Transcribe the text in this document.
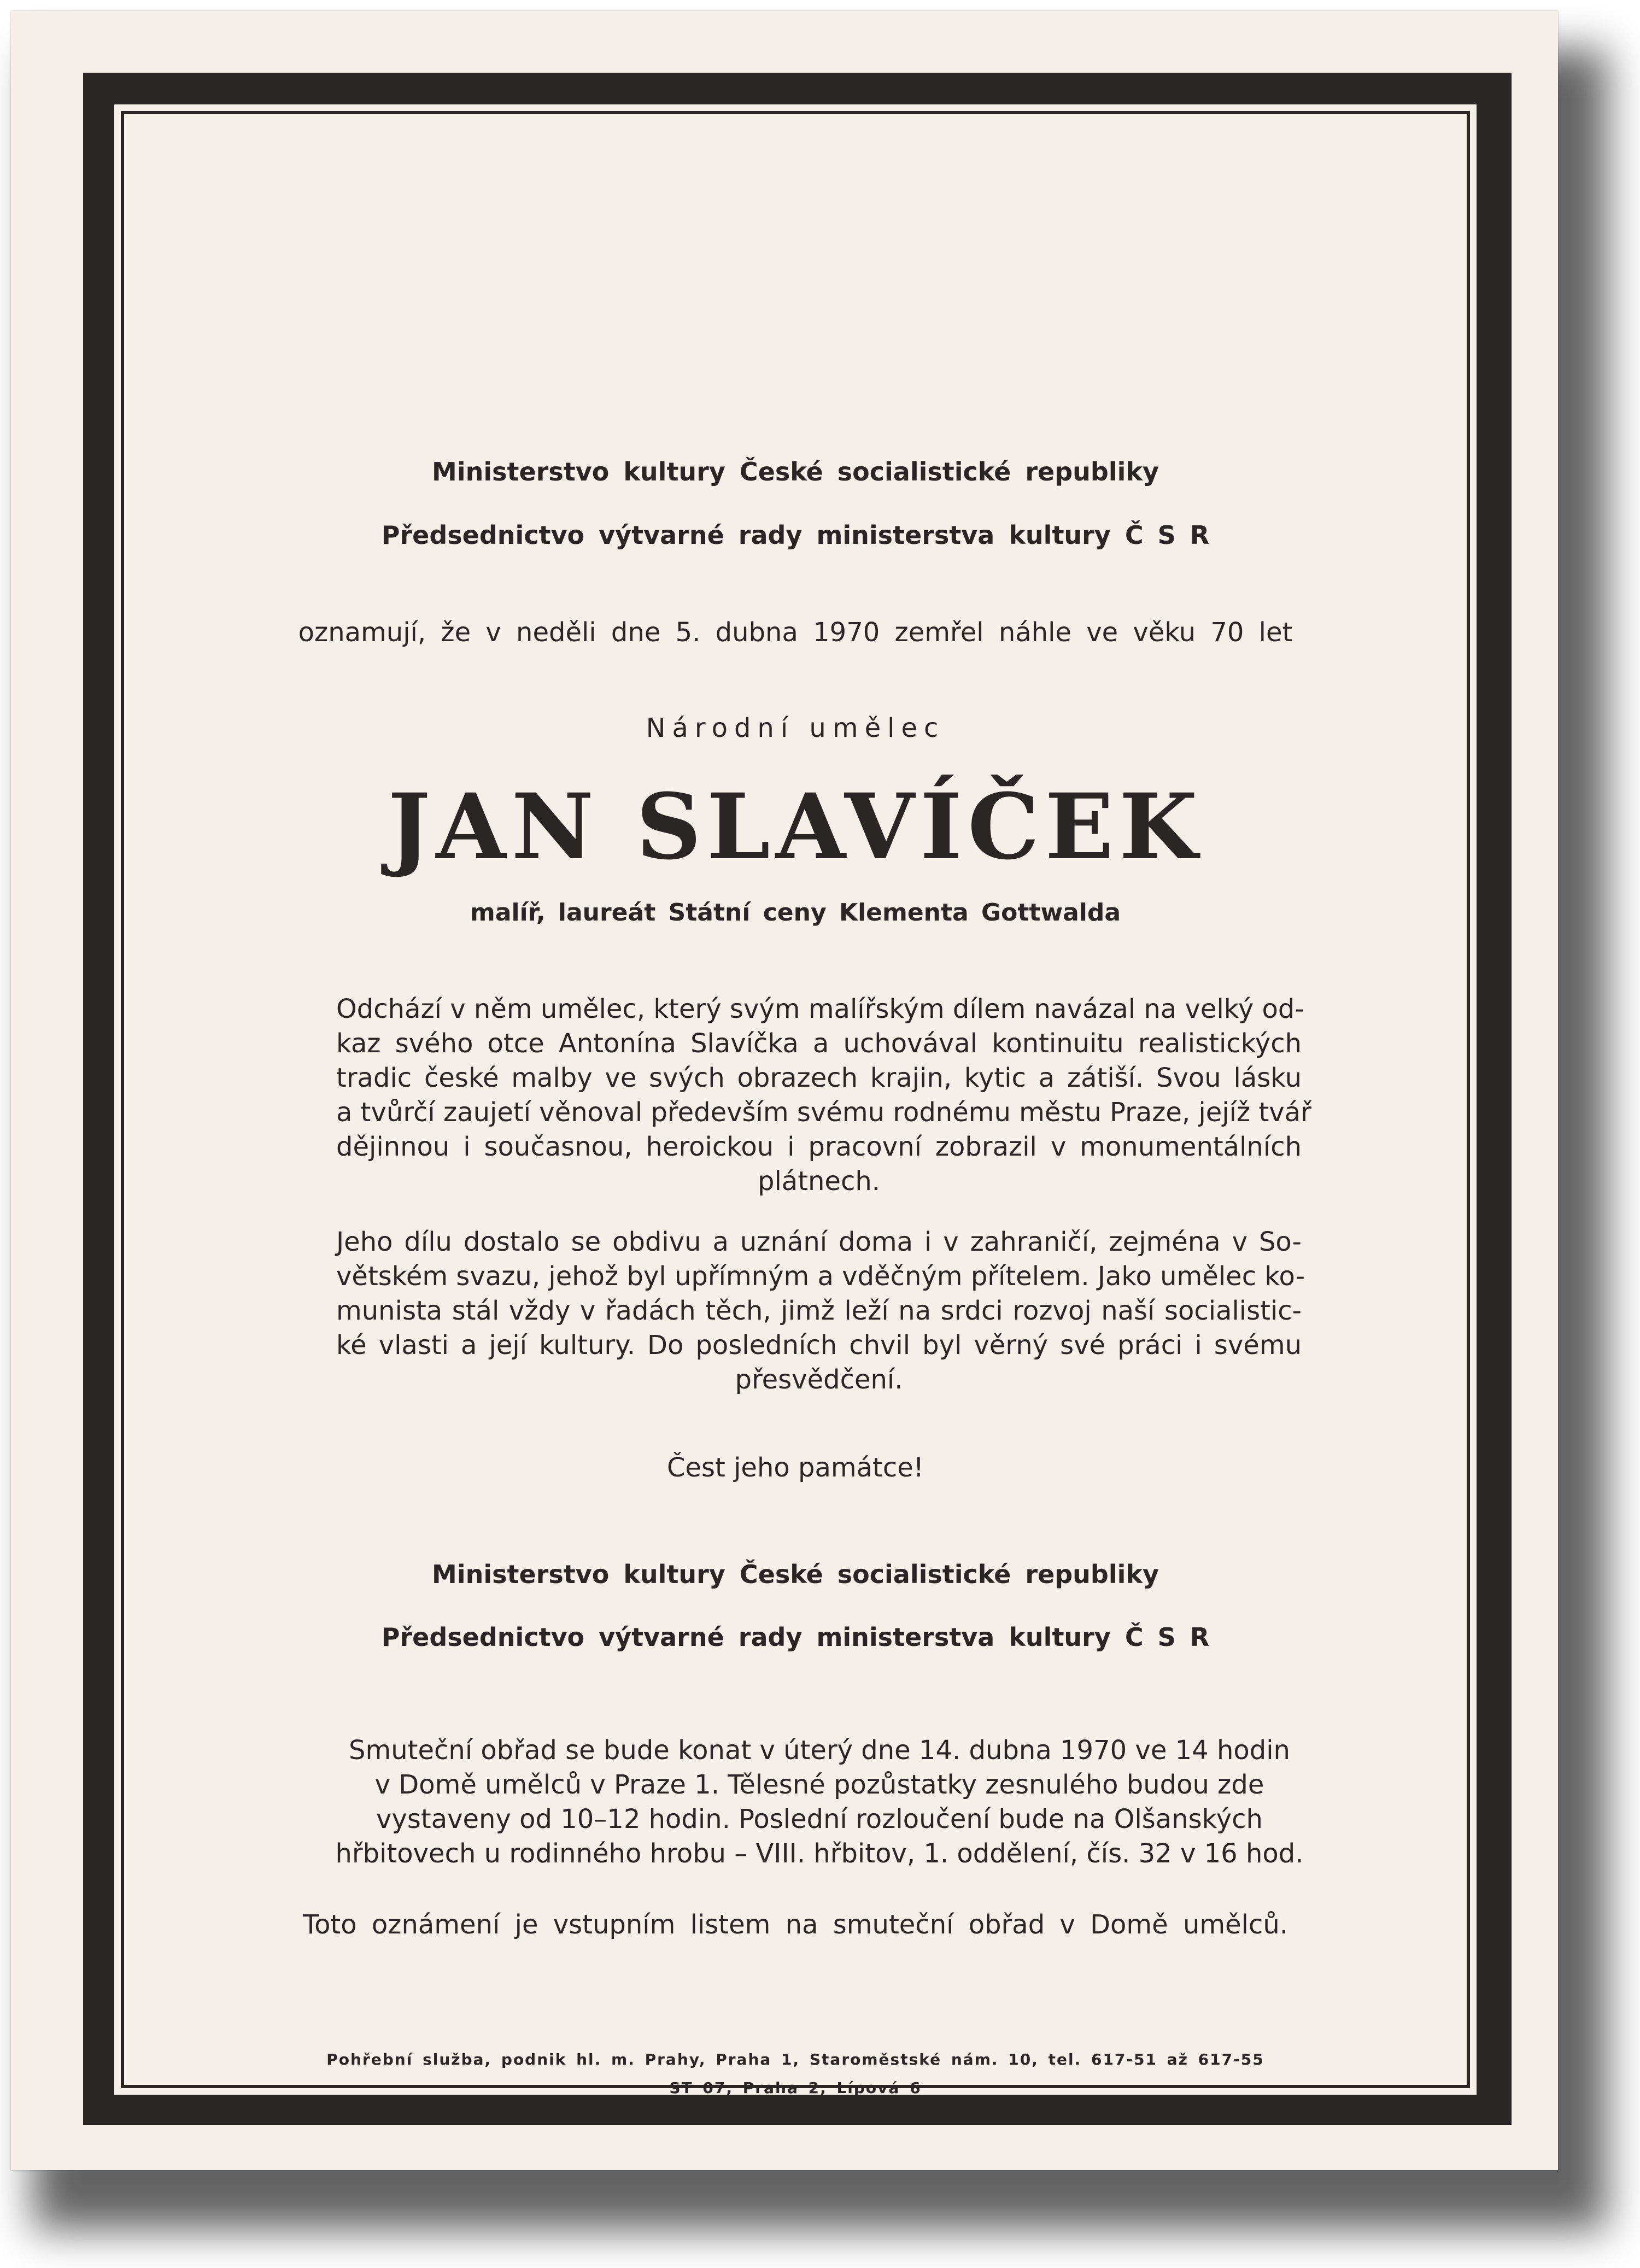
Ministerstvo kultury České socialistické republiky
Předsednictvo výtvarné rady ministerstva kultury Č S R
oznamují, že v neděli dne 5. dubna 1970 zemřel náhle ve věku 70 let
Národní umělec
JAN SLAVÍČEK
malíř, laureát Státní ceny Klementa Gottwalda
Odchází v něm umělec, který svým malířským dílem navázal na velký od-
kaz svého otce Antonína Slavíčka a uchovával kontinuitu realistických
tradic české malby ve svých obrazech krajin, kytic a zátiší. Svou lásku
a tvůrčí zaujetí věnoval především svému rodnému městu Praze, jejíž tvář
dějinnou i současnou, heroickou i pracovní zobrazil v monumentálních
plátnech.
Jeho dílu dostalo se obdivu a uznání doma i v zahraničí, zejména v So-
větském svazu, jehož byl upřímným a vděčným přítelem. Jako umělec ko-
munista stál vždy v řadách těch, jimž leží na srdci rozvoj naší socialistic-
ké vlasti a její kultury. Do posledních chvil byl věrný své práci i svému
přesvědčení.
Čest jeho památce!
Ministerstvo kultury České socialistické republiky
Předsednictvo výtvarné rady ministerstva kultury Č S R
Smuteční obřad se bude konat v úterý dne 14. dubna 1970 ve 14 hodin
v Domě umělců v Praze 1. Tělesné pozůstatky zesnulého budou zde
vystaveny od 10–12 hodin. Poslední rozloučení bude na Olšanských
hřbitovech u rodinného hrobu – VIII. hřbitov, 1. oddělení, čís. 32 v 16 hod.
Toto oznámení je vstupním listem na smuteční obřad v Domě umělců.
Pohřební služba, podnik hl. m. Prahy, Praha 1, Staroměstské nám. 10, tel. 617-51 až 617-55
ST 07, Praha 2, Lípová 6
